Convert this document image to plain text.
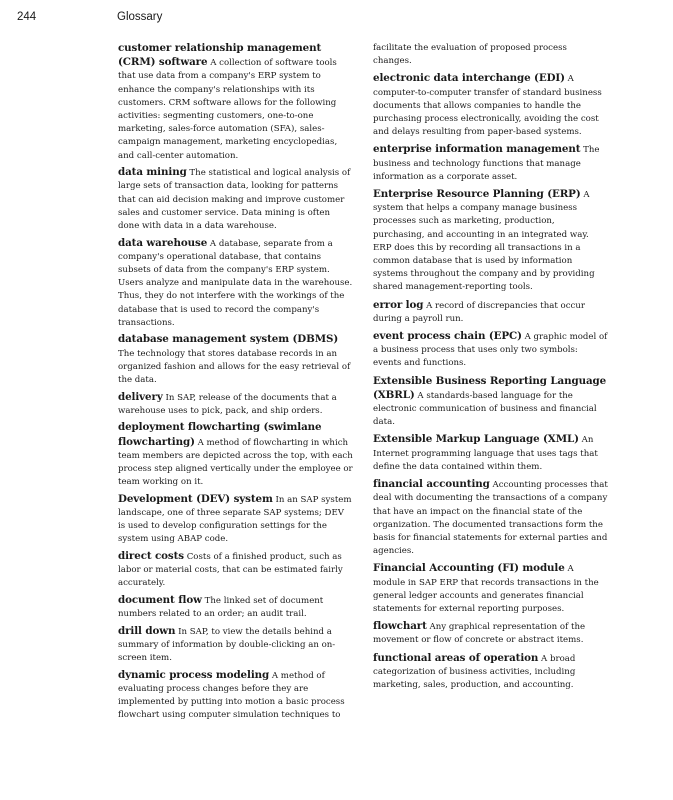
244	Glossary

customer relationship management (CRM) software A collection of software tools that use data from a company's ERP system to enhance the company's relationships with its customers. CRM software allows for the following activities: segmenting customers, one-to-one marketing, sales-force automation (SFA), sales-campaign management, marketing encyclopedias, and call-center automation.

data mining The statistical and logical analysis of large sets of transaction data, looking for patterns that can aid decision making and improve customer sales and customer service. Data mining is often done with data in a data warehouse.

data warehouse A database, separate from a company's operational database, that contains subsets of data from the company's ERP system. Users analyze and manipulate data in the warehouse. Thus, they do not interfere with the workings of the database that is used to record the company's transactions.

database management system (DBMS) The technology that stores database records in an organized fashion and allows for the easy retrieval of the data.

delivery In SAP, release of the documents that a warehouse uses to pick, pack, and ship orders.

deployment flowcharting (swimlane flowcharting) A method of flowcharting in which team members are depicted across the top, with each process step aligned vertically under the employee or team working on it.

Development (DEV) system In an SAP system landscape, one of three separate SAP systems; DEV is used to develop configuration settings for the system using ABAP code.

direct costs Costs of a finished product, such as labor or material costs, that can be estimated fairly accurately.

document flow The linked set of document numbers related to an order; an audit trail.

drill down In SAP, to view the details behind a summary of information by double-clicking an on-screen item.

dynamic process modeling A method of evaluating process changes before they are implemented by putting into motion a basic process flowchart using computer simulation techniques to

facilitate the evaluation of proposed process changes.

electronic data interchange (EDI) A computer-to-computer transfer of standard business documents that allows companies to handle the purchasing process electronically, avoiding the cost and delays resulting from paper-based systems.

enterprise information management The business and technology functions that manage information as a corporate asset.

Enterprise Resource Planning (ERP) A system that helps a company manage business processes such as marketing, production, purchasing, and accounting in an integrated way. ERP does this by recording all transactions in a common database that is used by information systems throughout the company and by providing shared management-reporting tools.

error log A record of discrepancies that occur during a payroll run.

event process chain (EPC) A graphic model of a business process that uses only two symbols: events and functions.

Extensible Business Reporting Language (XBRL) A standards-based language for the electronic communication of business and financial data.

Extensible Markup Language (XML) An Internet programming language that uses tags that define the data contained within them.

financial accounting Accounting processes that deal with documenting the transactions of a company that have an impact on the financial state of the organization. The documented transactions form the basis for financial statements for external parties and agencies.

Financial Accounting (FI) module A module in SAP ERP that records transactions in the general ledger accounts and generates financial statements for external reporting purposes.

flowchart Any graphical representation of the movement or flow of concrete or abstract items.

functional areas of operation A broad categorization of business activities, including marketing, sales, production, and accounting.
